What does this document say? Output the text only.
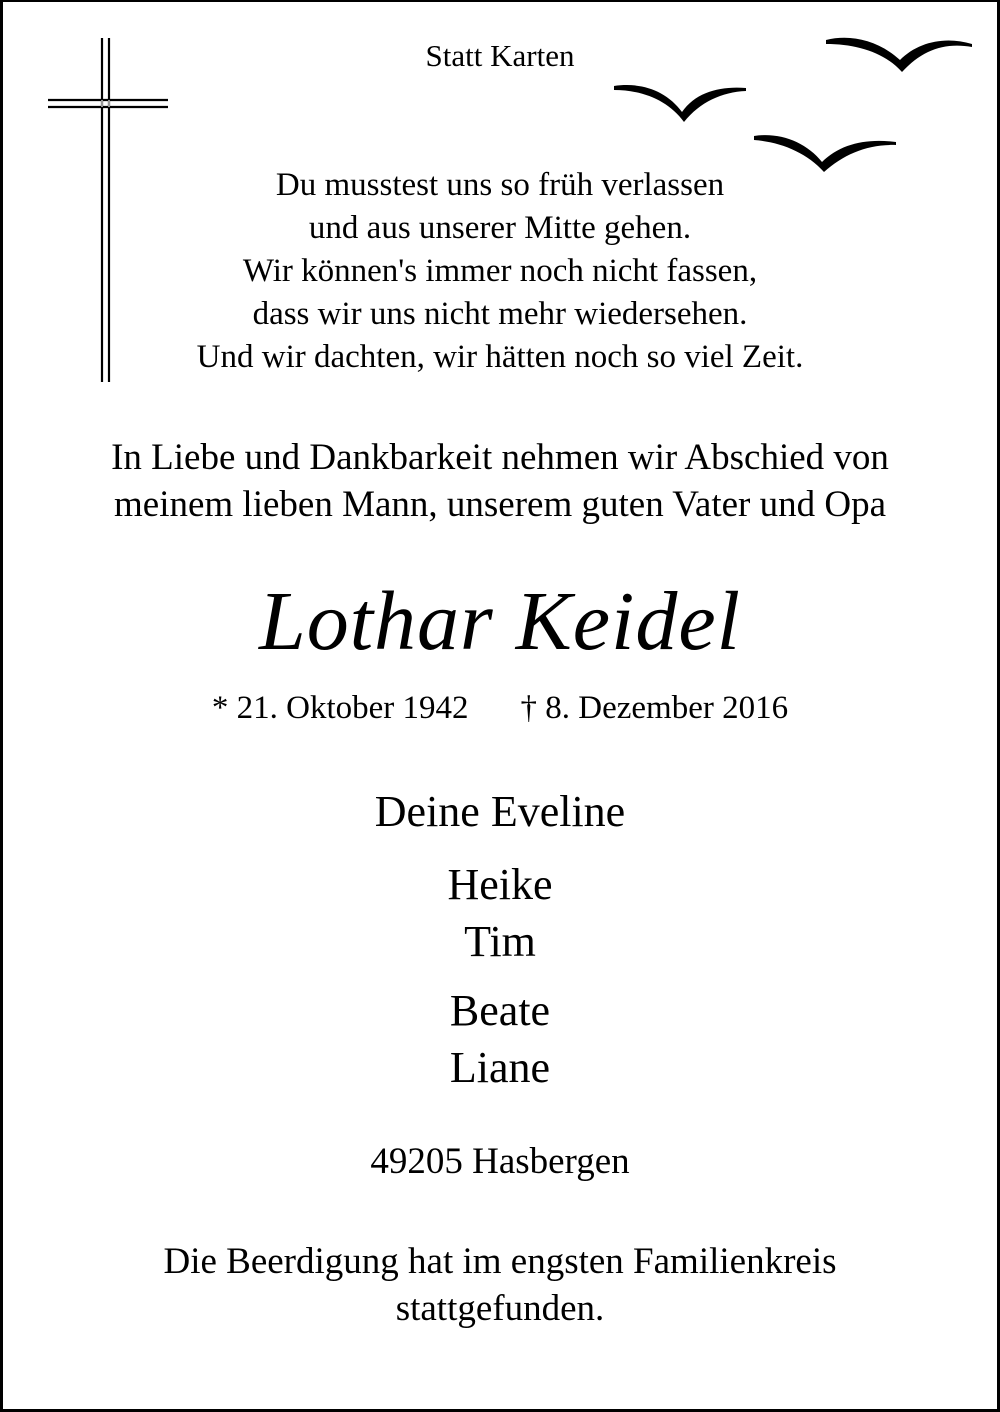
Statt Karten
Du musstest uns so früh verlassen
und aus unserer Mitte gehen.
Wir können's immer noch nicht fassen,
dass wir uns nicht mehr wiedersehen.
Und wir dachten, wir hätten noch so viel Zeit.
In Liebe und Dankbarkeit nehmen wir Abschied von
meinem lieben Mann, unserem guten Vater und Opa
Lothar Keidel
* 21. Oktober 1942 † 8. Dezember 2016
Deine Eveline
Heike
Tim
Beate
Liane
49205 Hasbergen
Die Beerdigung hat im engsten Familienkreis
stattgefunden.
